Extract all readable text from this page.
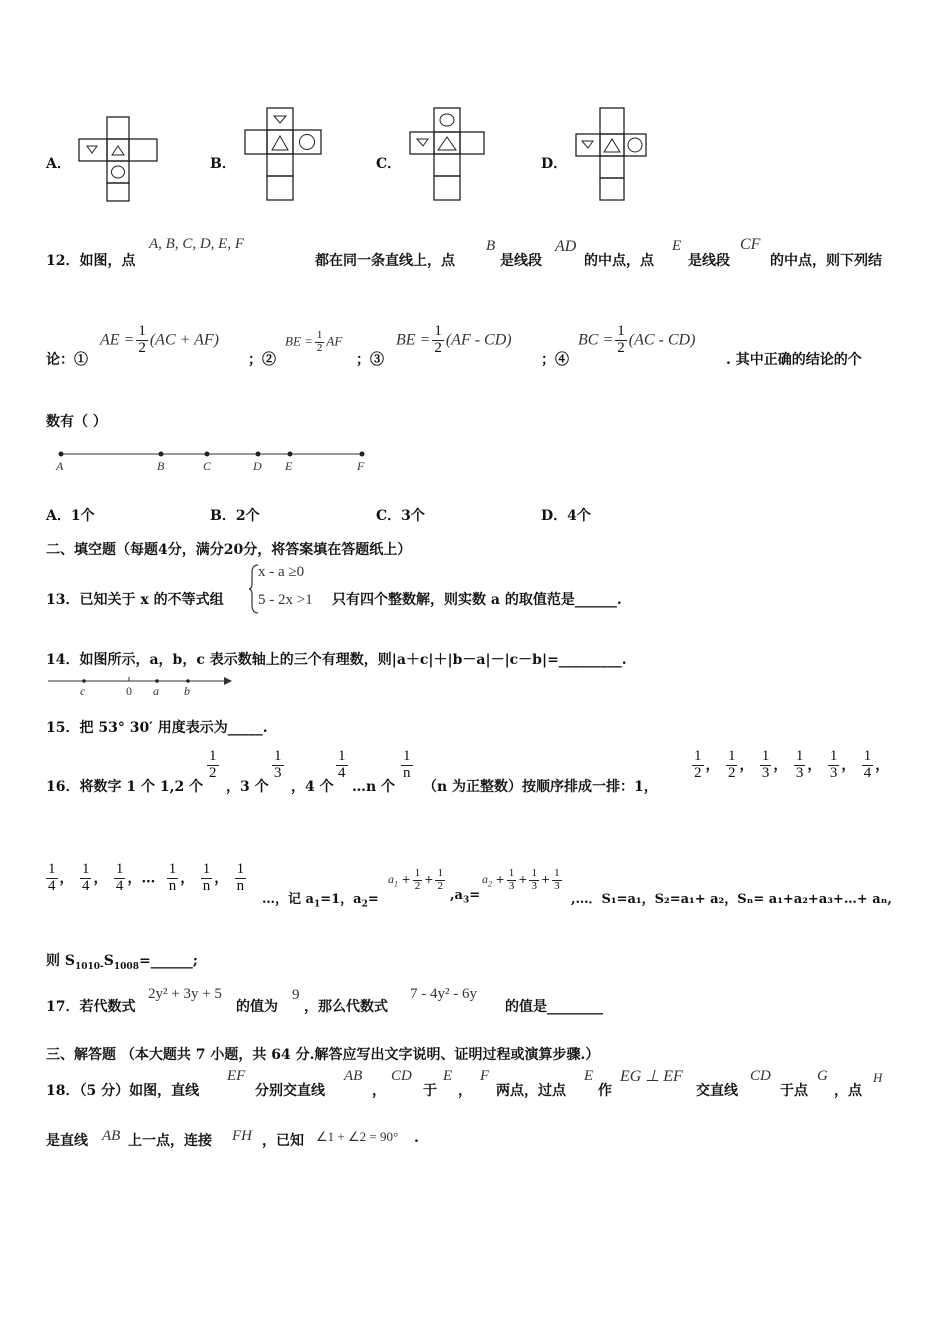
A．	B．	C．	D．
12．如图，点
A, B, C, D, E, F
都在同一条直线上，点
B
是线段
AD
的中点，点
E
是线段
CF
的中点，则下列结
论：①
AE = $\frac{1}{2} (AC + AF)$
；②
BE = $\frac{1}{2}$ AF
；③
BE = $\frac{1}{2} (AF - CD)$
；④
BC = $\frac{1}{2} (AC - CD)$
. 其中正确的结论的个
数有（ ）
A	B	C	D E	F
A．1个	B．2个	C．3个	D．4个
二、填空题（每题4分，满分20分，将答案填在答题纸上）
13．已知关于 x 的不等式组
x - a ≥0
5 - 2x >1 只有四个整数解，则实数 a 的取值范是______.
14．如图所示，a，b，c 表示数轴上的三个有理数，则|a＋c|＋|b－a|－|c－b|=_________.
c	0 a b
15．把 53° 30′ 用度表示为_____.
16．将数字 1 个 1,2 个
$\frac{1}{2}$
，3 个
$\frac{1}{3}$
，4 个
$\frac{1}{4}$
…n 个
$\frac{1}{n}$
（n 为正整数）按顺序排成一排：1，
$\frac{1}{2}$ ， $\frac{1}{2}$ ， $\frac{1}{3}$ ， $\frac{1}{3}$ ， $\frac{1}{3}$ ， $\frac{1}{4}$ ，
$\frac{1}{4}$ ， $\frac{1}{4}$ ， $\frac{1}{4}$ ，… $\frac{1}{n}$ ， $\frac{1}{n}$ ， $\frac{1}{n}$
…，记 $a_1=1$，$a_2=$
$a_1 + \frac{1}{2} + \frac{1}{2}$
$,a_3=$
$a_2 + \frac{1}{3} + \frac{1}{3} + \frac{1}{3}$
,…．S₁=a₁，S₂=a₁+ a₂，Sₙ= a₁+a₂+a₃+…+ aₙ,
则 $S_{1010-}S_{1008}=\_\_\_\_\_\_$;
17．若代数式
2y² + 3y + 5
的值为
9
，那么代数式
7 - 4y² - 6y
的值是________
三、解答题 （本大题共 7 小题，共 64 分.解答应写出文字说明、证明过程或演算步骤.）
18．（5 分）如图，直线
EF
分别交直线
AB
，
CD
于
E
，
F
两点，过点
E
作
EG ⊥ EF
交直线
CD
于点
G
，点
H
是直线 AB 上一点，连接 FH ，已知 ∠1 + ∠2 = 90° .
